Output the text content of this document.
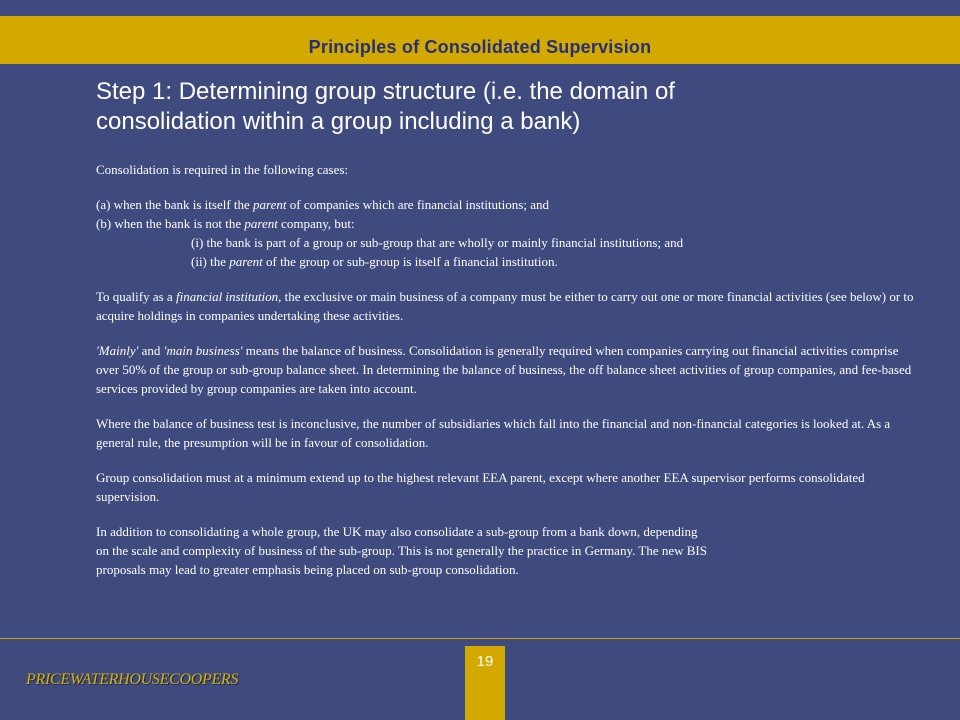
Principles of Consolidated Supervision
Step 1: Determining group structure (i.e. the domain of
consolidation within a group including a bank)

Consolidation is required in the following cases:

(a) when the bank is itself the parent of companies which are financial institutions; and

(b) when the bank is not the parent company, but:

(i) the bank is part of a group or sub-group that are wholly or mainly financial institutions; and

(ii) the parent of the group or sub-group is itself a financial institution.

To qualify as a financial institution, the exclusive or main business of a company must be either to carry out one or more financial activities (see below) or to acquire holdings in companies undertaking these activities.

'Mainly' and 'main business' means the balance of business. Consolidation is generally required when companies carrying out financial activities comprise over 50% of the group or sub-group balance sheet. In determining the balance of business, the off balance sheet activities of group companies, and fee-based services provided by group companies are taken into account.

Where the balance of business test is inconclusive, the number of subsidiaries which fall into the financial and non-financial categories is looked at. As a general rule, the presumption will be in favour of consolidation.

Group consolidation must at a minimum extend up to the highest relevant EEA parent, except where another EEA supervisor performs consolidated supervision.

In addition to consolidating a whole group, the UK may also consolidate a sub-group from a bank down, depending
on the scale and complexity of business of the sub-group. This is not generally the practice in Germany. The new BIS
proposals may lead to greater emphasis being placed on sub-group consolidation.

19
PRICEWATERHOUSECOOPERS
